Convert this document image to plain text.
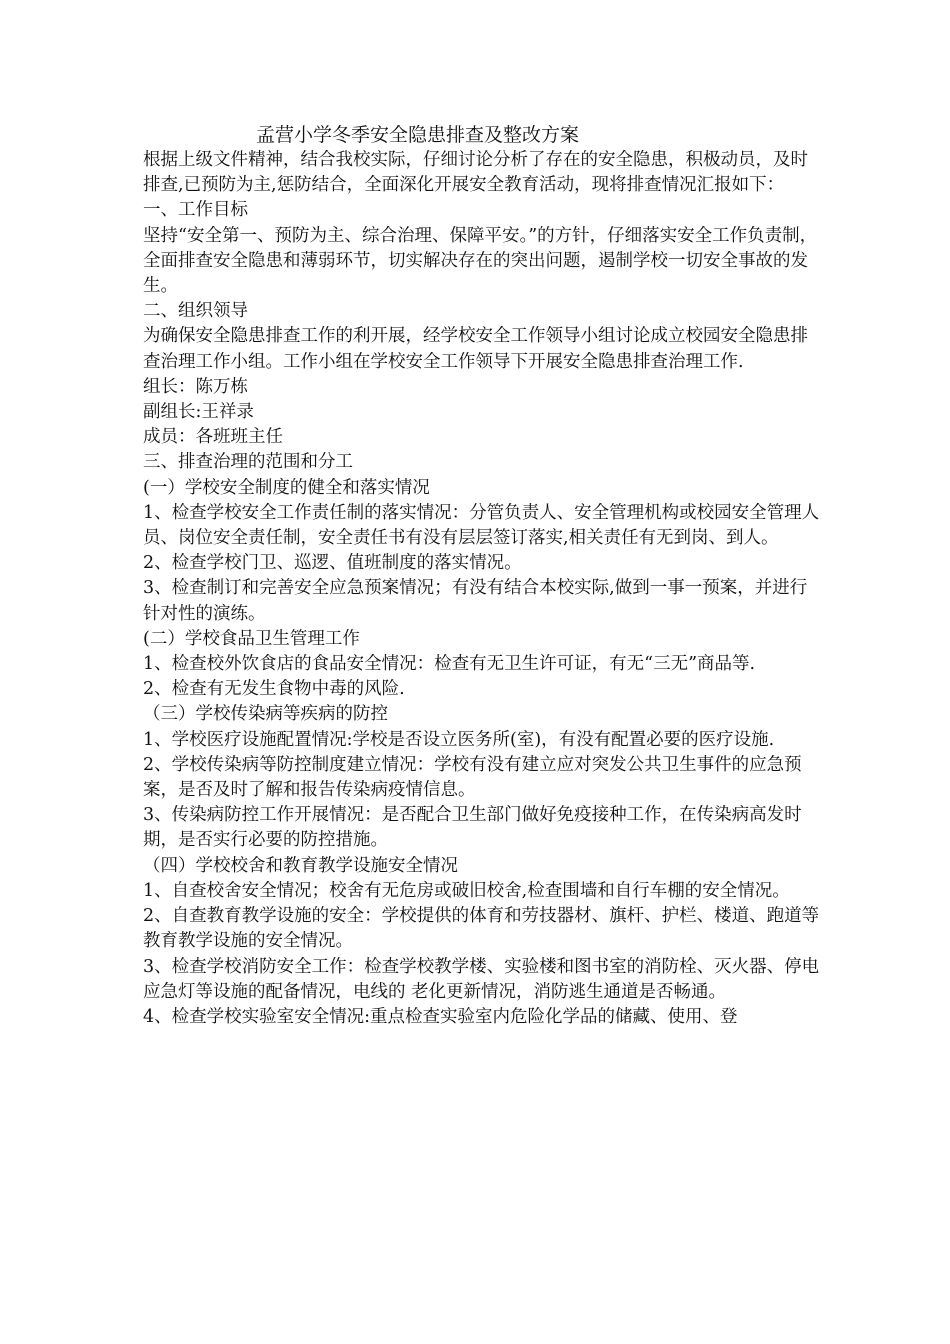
孟营小学冬季安全隐患排查及整改方案

根据上级文件精神，结合我校实际，仔细讨论分析了存在的安全隐患，积极动员，及时排查,已预防为主,惩防结合，全面深化开展安全教育活动，现将排查情况汇报如下：

一、工作目标

坚持“安全第一、预防为主、综合治理、保障平安。”的方针，仔细落实安全工作负责制，

全面排查安全隐患和薄弱环节，切实解决存在的突出问题，遏制学校一切安全事故的发生。

二、组织领导

为确保安全隐患排查工作的利开展，经学校安全工作领导小组讨论成立校园安全隐患排查治理工作小组。工作小组在学校安全工作领导下开展安全隐患排查治理工作.

组长：陈万栋

副组长:王祥录

成员：各班班主任

三、排查治理的范围和分工

(一）学校安全制度的健全和落实情况

1、检查学校安全工作责任制的落实情况：分管负责人、安全管理机构或校园安全管理人员、岗位安全责任制，安全责任书有没有层层签订落实,相关责任有无到岗、到人。

2、检查学校门卫、巡逻、值班制度的落实情况。

3、检查制订和完善安全应急预案情况；有没有结合本校实际,做到一事一预案，并进行针对性的演练。

(二）学校食品卫生管理工作

1、检查校外饮食店的食品安全情况：检查有无卫生许可证，有无“三无”商品等.

2、检查有无发生食物中毒的风险.

（三）学校传染病等疾病的防控

1、学校医疗设施配置情况:学校是否设立医务所(室)，有没有配置必要的医疗设施.

2、学校传染病等防控制度建立情况：学校有没有建立应对突发公共卫生事件的应急预案，是否及时了解和报告传染病疫情信息。

3、传染病防控工作开展情况：是否配合卫生部门做好免疫接种工作，在传染病高发时期，是否实行必要的防控措施。

（四）学校校舍和教育教学设施安全情况

1、自查校舍安全情况；校舍有无危房或破旧校舍,检查围墙和自行车棚的安全情况。

2、自查教育教学设施的安全：学校提供的体育和劳技器材、旗杆、护栏、楼道、跑道等教育教学设施的安全情况。

3、检查学校消防安全工作：检查学校教学楼、实验楼和图书室的消防栓、灭火器、停电应急灯等设施的配备情况，电线的 老化更新情况，消防逃生通道是否畅通。

4、检查学校实验室安全情况:重点检查实验室内危险化学品的储藏、使用、登
